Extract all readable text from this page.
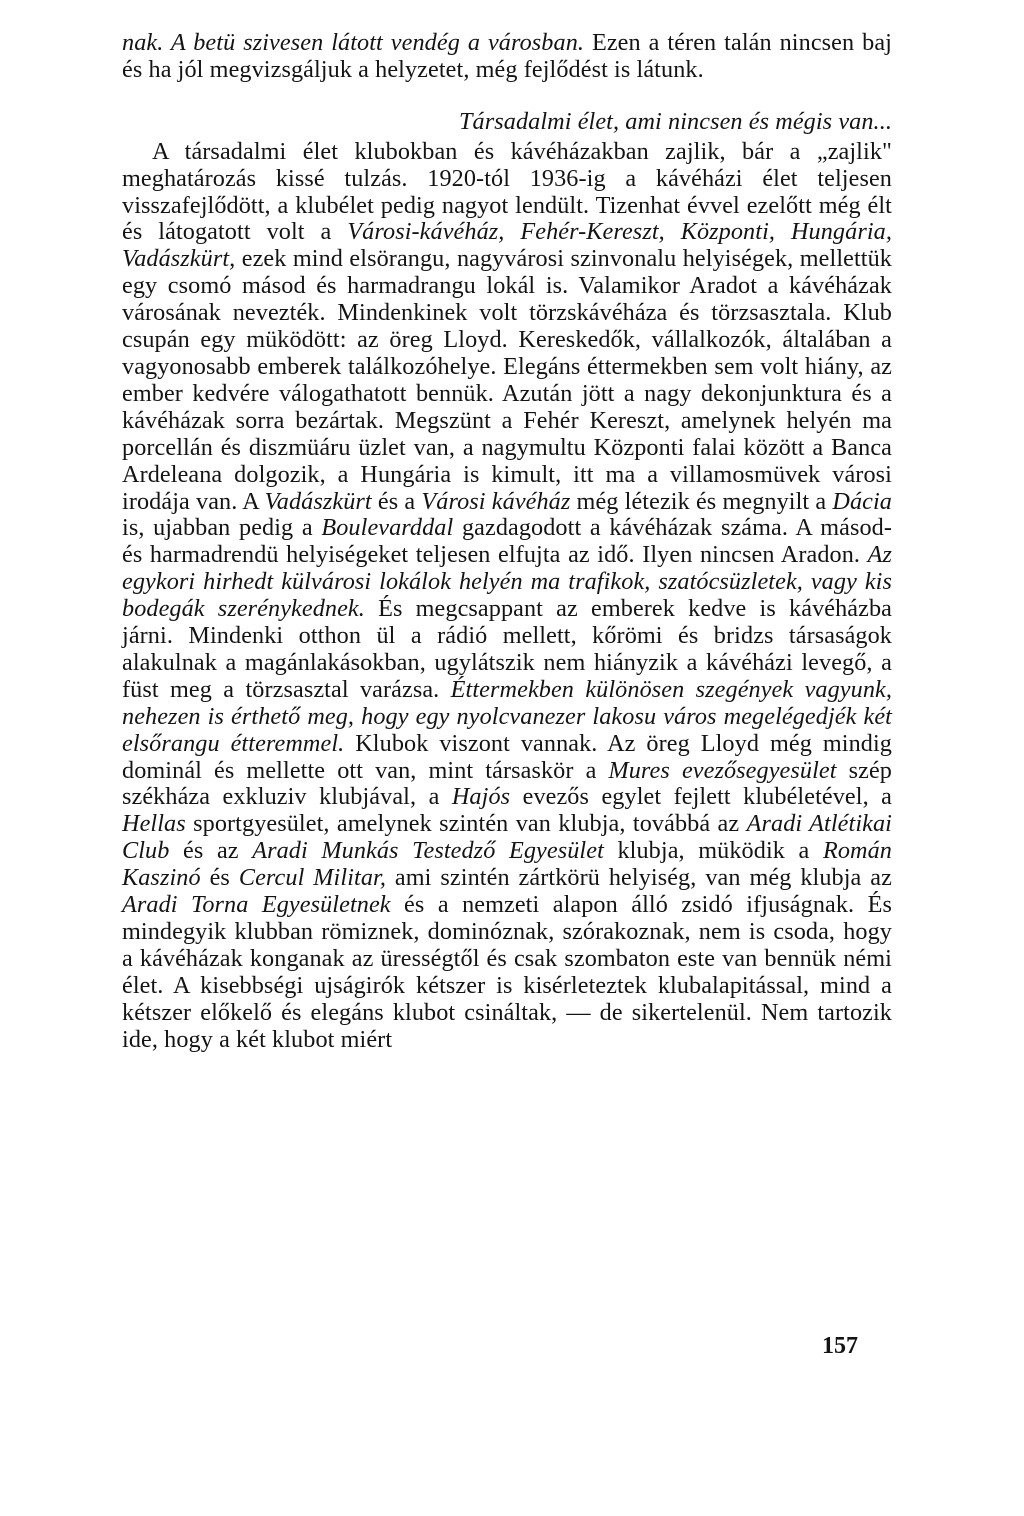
nak. A betü szivesen látott vendég a városban. Ezen a téren talán nincsen baj és ha jól megvizsgáljuk a helyzetet, még fejlődést is látunk.

Társadalmi élet, ami nincsen és mégis van...

A társadalmi élet klubokban és kávéházakban zajlik, bár a „zajlik" meghatározás kissé tulzás. 1920-tól 1936-ig a kávéházi élet teljesen visszafejlődött, a klubélet pedig nagyot lendült. Tizenhat évvel ezelőtt még élt és látogatott volt a Városi-kávéház, Fehér-Kereszt, Központi, Hungária, Vadászkürt, ezek mind elsörangu, nagyvárosi szinvonalu helyiségek, mellettük egy csomó másod és harmadrangu lokál is. Valamikor Aradot a kávéházak városának nevezték. Mindenkinek volt törzskávéháza és törzsasztala. Klub csupán egy müködött: az öreg Lloyd. Kereskedők, vállalkozók, általában a vagyonosabb emberek találkozóhelye. Elegáns éttermekben sem volt hiány, az ember kedvére válogathatott bennük. Azután jött a nagy dekonjunktura és a kávéházak sorra bezártak. Megszünt a Fehér Kereszt, amelynek helyén ma porcellán és diszmüáru üzlet van, a nagymultu Központi falai között a Banca Ardeleana dolgozik, a Hungária is kimult, itt ma a villamosmüvek városi irodája van. A Vadászkürt és a Városi kávéház még létezik és megnyilt a Dácia is, ujabban pedig a Boulevarddal gazdagodott a kávéházak száma. A másod- és harmadrendü helyiségeket teljesen elfujta az idő. Ilyen nincsen Aradon. Az egykori hirhedt külvárosi lokálok helyén ma trafikok, szatócsüzletek, vagy kis bodegák szerénykednek. És megcsappant az emberek kedve is kávéházba járni. Mindenki otthon ül a rádió mellett, kőrömi és bridzs társaságok alakulnak a magánlakásokban, ugylátszik nem hiányzik a kávéházi levegő, a füst meg a törzsasztal varázsa. Éttermekben különösen szegények vagyunk, nehezen is érthető meg, hogy egy nyolcvanezer lakosu város megelégedjék két elsőrangu étteremmel. Klubok viszont vannak. Az öreg Lloyd még mindig dominál és mellette ott van, mint társaskör a Mures evezősegyesület szép székháza exkluziv klubjával, a Hajós evezős egylet fejlett klubéletével, a Hellas sportgyesület, amelynek szintén van klubja, továbbá az Aradi Atlétikai Club és az Aradi Munkás Testedző Egyesület klubja, müködik a Román Kaszinó és Cercul Militar, ami szintén zártkörü helyiség, van még klubja az Aradi Torna Egyesületnek és a nemzeti alapon álló zsidó ifjuságnak. És mindegyik klubban römiznek, dominóznak, szórakoznak, nem is csoda, hogy a kávéházak konganak az ürességtől és csak szombaton este van bennük némi élet. A kisebbségi ujságirók kétszer is kisérleteztek klubalapitással, mind a kétszer előkelő és elegáns klubot csináltak, — de sikertelenül. Nem tartozik ide, hogy a két klubot miért

157
